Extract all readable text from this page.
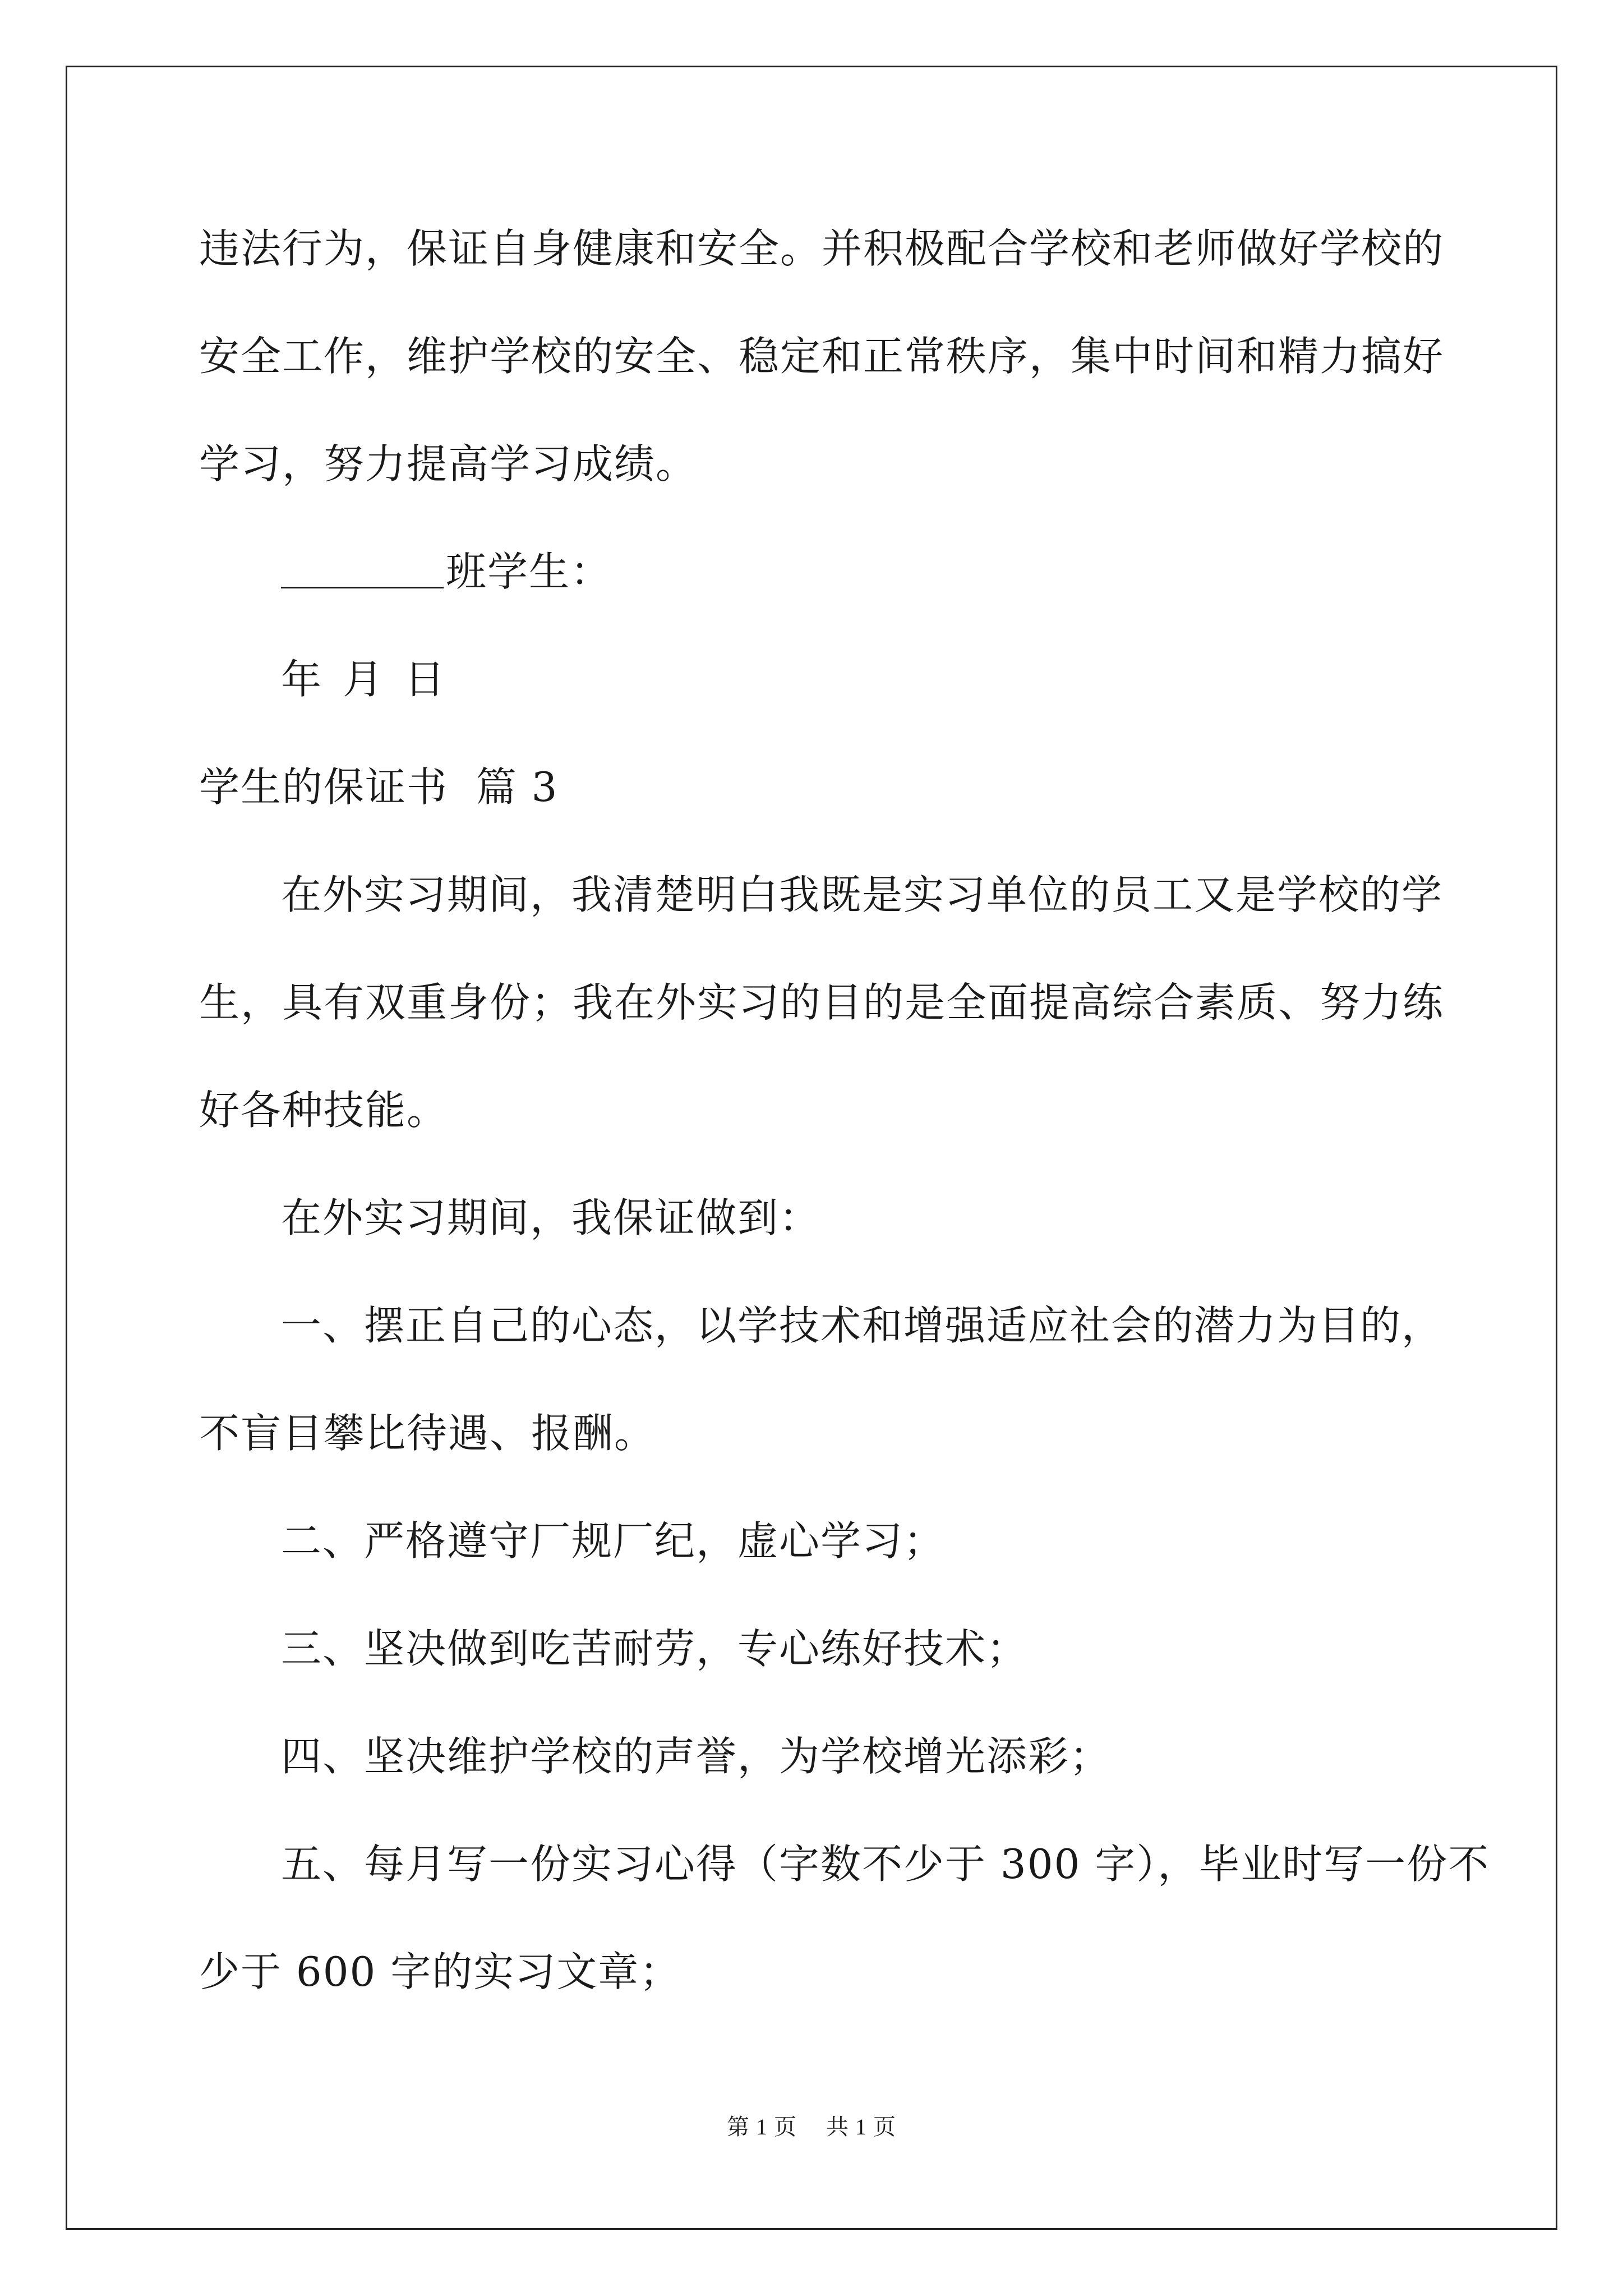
违法行为，保证自身健康和安全。并积极配合学校和老师做好学校的
安全工作，维护学校的安全、稳定和正常秩序，集中时间和精力搞好
学习，努力提高学习成绩。
班学生：
年 月 日
学生的保证书  篇 3
在外实习期间，我清楚明白我既是实习单位的员工又是学校的学
生，具有双重身份；我在外实习的目的是全面提高综合素质、努力练
好各种技能。
在外实习期间，我保证做到：
一、摆正自己的心态，以学技术和增强适应社会的潜力为目的，
不盲目攀比待遇、报酬。
二、严格遵守厂规厂纪，虚心学习；
三、坚决做到吃苦耐劳，专心练好技术；
四、坚决维护学校的声誉，为学校增光添彩；
五、每月写一份实习心得（字数不少于 300 字），毕业时写一份不
少于 600 字的实习文章；
第 1 页 共 1 页
